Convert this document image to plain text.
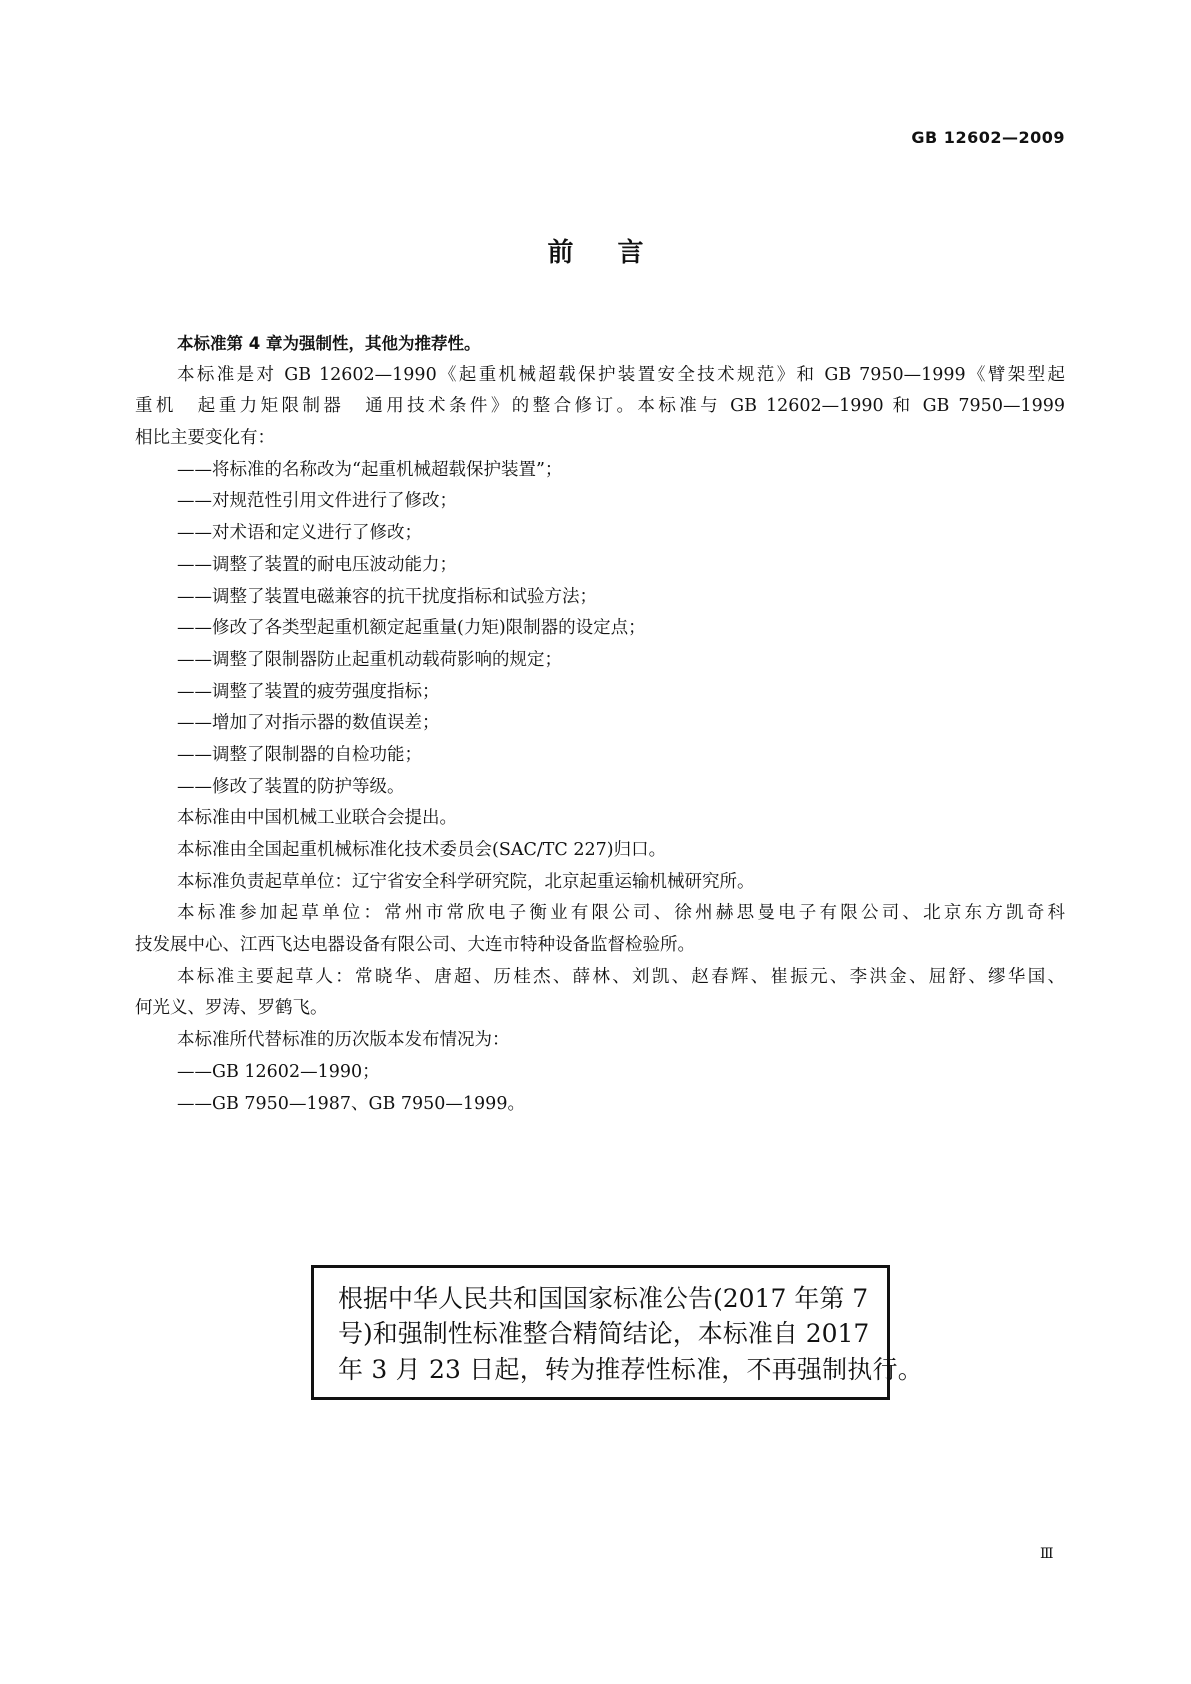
GB 12602—2009
前言
本标准第 4 章为强制性，其他为推荐性。
本标准是对 GB 12602—1990《起重机械超载保护装置安全技术规范》和 GB 7950—1999《臂架型起
重机　起重力矩限制器　通用技术条件》的整合修订。本标准与 GB 12602—1990 和 GB 7950—1999
相比主要变化有：
——将标准的名称改为“起重机械超载保护装置”；
——对规范性引用文件进行了修改；
——对术语和定义进行了修改；
——调整了装置的耐电压波动能力；
——调整了装置电磁兼容的抗干扰度指标和试验方法；
——修改了各类型起重机额定起重量(力矩)限制器的设定点；
——调整了限制器防止起重机动载荷影响的规定；
——调整了装置的疲劳强度指标；
——增加了对指示器的数值误差；
——调整了限制器的自检功能；
——修改了装置的防护等级。
本标准由中国机械工业联合会提出。
本标准由全国起重机械标准化技术委员会(SAC/TC 227)归口。
本标准负责起草单位：辽宁省安全科学研究院，北京起重运输机械研究所。
本标准参加起草单位：常州市常欣电子衡业有限公司、徐州赫思曼电子有限公司、北京东方凯奇科
技发展中心、江西飞达电器设备有限公司、大连市特种设备监督检验所。
本标准主要起草人：常晓华、唐超、历桂杰、薛林、刘凯、赵春辉、崔振元、李洪金、屈舒、缪华国、
何光义、罗涛、罗鹤飞。
本标准所代替标准的历次版本发布情况为：
——GB 12602—1990；
——GB 7950—1987、GB 7950—1999。
根据中华人民共和国国家标准公告(2017 年第 7
号)和强制性标准整合精简结论，本标准自 2017
年 3 月 23 日起，转为推荐性标准，不再强制执行。
Ⅲ
